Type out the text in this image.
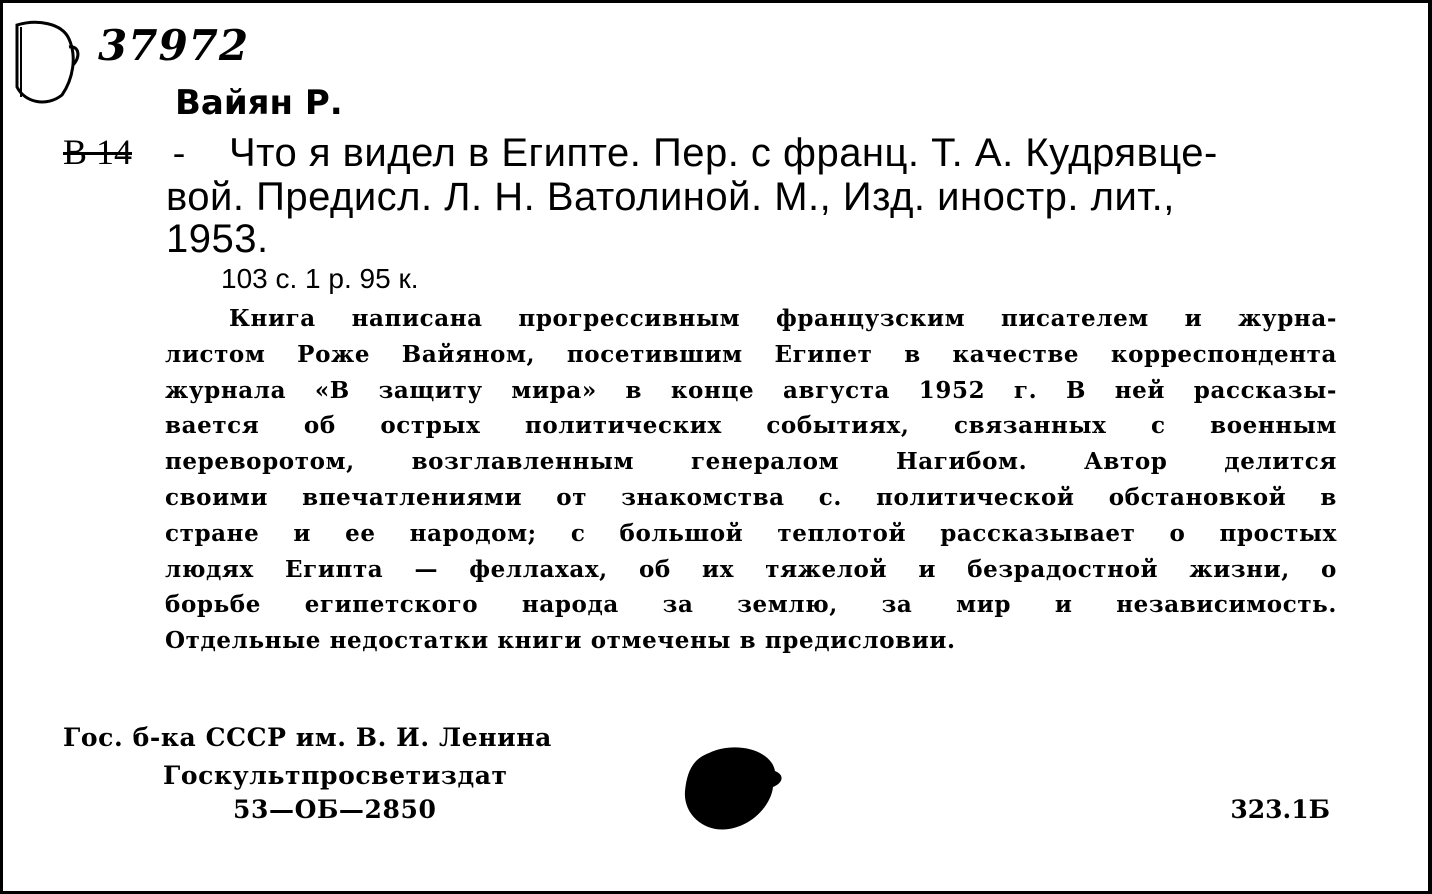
37972
Вайян Р.
В 14 - Что я видел в Египте. Пер. с франц. Т. А. Кудрявце-
вой. Предисл. Л. Н. Ватолиной. М., Изд. иностр. лит.,
1953.
103 с. 1 р. 95 к.
Книга написана прогрессивным французским писателем и журна-
листом Роже Вайяном, посетившим Египет в качестве корреспондента
журнала «В защиту мира» в конце августа 1952 г. В ней рассказы-
вается об острых политических событиях, связанных с военным
переворотом, возглавленным генералом Нагибом. Автор делится
своими впечатлениями от знакомства с. политической обстановкой в
стране и ее народом; с большой теплотой рассказывает о простых
людях Египта — феллахах, об их тяжелой и безрадостной жизни, о
борьбе египетского народа за землю, за мир и независимость.
Отдельные недостатки книги отмечены в предисловии.
Гос. б-ка СССР им. В. И. Ленина
Госкультпросветиздат
53—ОБ—2850	323.1Б
